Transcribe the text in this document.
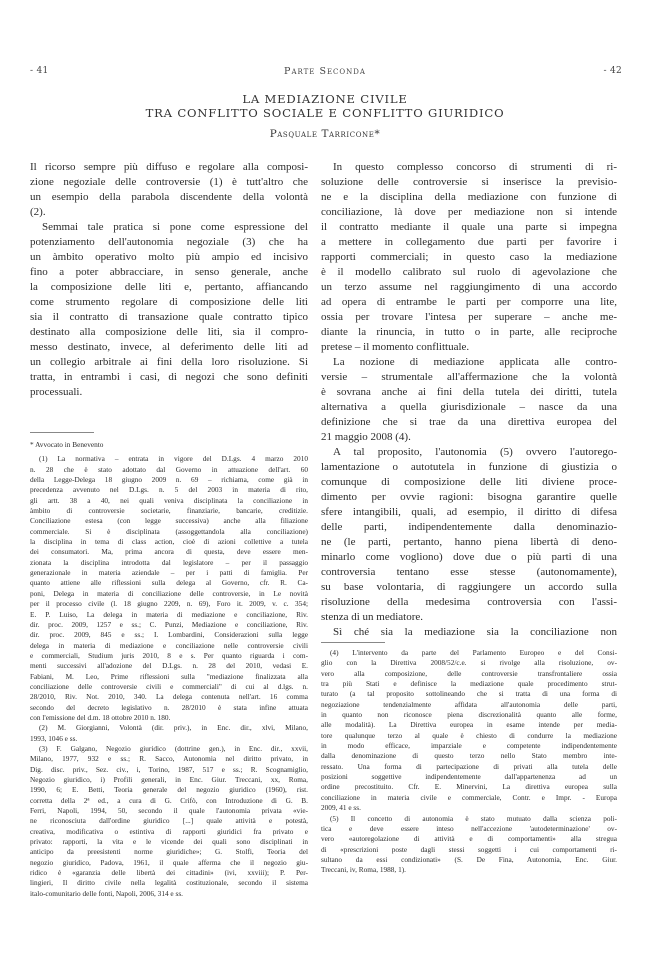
- 41	Parte Seconda	- 42
LA MEDIAZIONE CIVILE
TRA CONFLITTO SOCIALE E CONFLITTO GIURIDICO
Pasquale Tarricone*
Il ricorso sempre più diffuso e regolare alla composi-
zione negoziale delle controversie (1) è tutt'altro che
un esempio della parabola discendente della volontà
(2).
Semmai tale pratica si pone come espressione del
potenziamento dell'autonomia negoziale (3) che ha
un àmbito operativo molto più ampio ed incisivo
fino a poter abbracciare, in senso generale, anche
la composizione delle liti e, pertanto, affiancando
come strumento regolare di composizione delle liti
sia il contratto di transazione quale contratto tipico
destinato alla composizione delle liti, sia il compro-
messo destinato, invece, al deferimento delle liti ad
un collegio arbitrale ai fini della loro risoluzione. Si
tratta, in entrambi i casi, di negozi che sono definiti
processuali.
* Avvocato in Benevento
(1) La normativa – entrata in vigore del D.Lgs. 4 marzo 2010
n. 28 che è stato adottato dal Governo in attuazione dell'art. 60
della Legge-Delega 18 giugno 2009 n. 69 – richiama, come già in
precedenza avvenuto nel D.Lgs. n. 5 del 2003 in materia di rito,
gli artt. 38 a 40, nei quali veniva disciplinata la conciliazione in
àmbito di controversie societarie, finanziarie, bancarie, creditizie.
Conciliazione estesa (con legge successiva) anche alla filiazione
commerciale. Si è disciplinata (assoggettandola alla conciliazione)
la disciplina in tema di class action, cioè di azioni collettive a tutela
dei consumatori. Ma, prima ancora di questa, deve essere men-
zionata la disciplina introdotta dal legislatore – per il passaggio
generazionale in materia aziendale – per i patti di famiglia. Per
quanto attiene alle riflessioni sulla delega al Governo, cfr. R. Ca-
poni, Delega in materia di conciliazione delle controversie, in Le novità
per il processo civile (l. 18 giugno 2209, n. 69), Foro it. 2009, v. c. 354;
E. P. Luiso, La delega in materia di mediazione e conciliazione, Riv.
dir. proc. 2009, 1257 e ss.; C. Punzi, Mediazione e conciliazione, Riv.
dir. proc. 2009, 845 e ss.; I. Lombardini, Considerazioni sulla legge
delega in materia di mediazione e conciliazione nelle controversie civili
e commerciali, Studium juris 2010, 8 e s. Per quanto riguarda i com-
menti successivi all'adozione del D.Lgs. n. 28 del 2010, vedasi E.
Fabiani, M. Leo, Prime riflessioni sulla "mediazione finalizzata alla
conciliazione delle controversie civili e commerciali" di cui al d.lgs. n.
28/2010, Riv. Not. 2010, 340. La delega contenuta nell'art. 16 comma
secondo del decreto legislativo n. 28/2010 è stata infine attuata
con l'emissione del d.m. 18 ottobre 2010 n. 180.
(2) M. Giorgianni, Volontà (dir. priv.), in Enc. dir., xlvi, Milano,
1993, 1046 e ss.
(3) F. Galgano, Negozio giuridico (dottrine gen.), in Enc. dir., xxvii,
Milano, 1977, 932 e ss.; R. Sacco, Autonomia nel diritto privato, in
Dig. disc. priv., Sez. civ., i, Torino, 1987, 517 e ss.; R. Scognamiglio,
Negozio giuridico, i) Profili generali, in Enc. Giur. Treccani, xx, Roma,
1990, 6; E. Betti, Teoria generale del negozio giuridico (1960), rist.
corretta della 2ª ed., a cura di G. Crifò, con Introduzione di G. B.
Ferri, Napoli, 1994, 50, secondo il quale l'autonomia privata «vie-
ne riconosciuta dall'ordine giuridico [...] quale attività e potestà,
creativa, modificativa o estintiva di rapporti giuridici fra privato e
privato: rapporti, la vita e le vicende dei quali sono disciplinati in
anticipo da preesistenti norme giuridiche»; G. Stolfi, Teoria del
negozio giuridico, Padova, 1961, il quale afferma che il negozio giu-
ridico è «garanzia delle libertà dei cittadini» (ivi, xxviii); P. Per-
lingieri, Il diritto civile nella legalità costituzionale, secondo il sistema
italo-comunitario delle fonti, Napoli, 2006, 314 e ss.
In questo complesso concorso di strumenti di ri-
soluzione delle controversie si inserisce la previsio-
ne e la disciplina della mediazione con funzione di
conciliazione, là dove per mediazione non si intende
il contratto mediante il quale una parte si impegna
a mettere in collegamento due parti per favorire i
rapporti commerciali; in questo caso la mediazione
è il modello calibrato sul ruolo di agevolazione che
un terzo assume nel raggiungimento di una accordo
ad opera di entrambe le parti per comporre una lite,
ossia per trovare l'intesa per superare – anche me-
diante la rinuncia, in tutto o in parte, alle reciproche
pretese – il momento conflittuale.
La nozione di mediazione applicata alle contro-
versie – strumentale all'affermazione che la volontà
è sovrana anche ai fini della tutela dei diritti, tutela
alternativa a quella giurisdizionale – nasce da una
definizione che si trae da una direttiva europea del
21 maggio 2008 (4).
A tal proposito, l'autonomia (5) ovvero l'autorego-
lamentazione o autotutela in funzione di giustizia o
comunque di composizione delle liti diviene proce-
dimento per ovvie ragioni: bisogna garantire quelle
sfere intangibili, quali, ad esempio, il diritto di difesa
delle parti, indipendentemente dalla denominazio-
ne (le parti, pertanto, hanno piena libertà di deno-
minarlo come vogliono) dove due o più parti di una
controversia tentano esse stesse (autonomamente),
su base volontaria, di raggiungere un accordo sulla
risoluzione della medesima controversia con l'assi-
stenza di un mediatore.
Sì ché sia la mediazione sia la conciliazione non
(4) L'intervento da parte del Parlamento Europeo e del Consi-
glio con la Direttiva 2008/52/c.e. si rivolge alla risoluzione, ov-
vero alla composizione, delle controversie transfrontaliere ossia
tra più Stati e definisce la mediazione quale procedimento strut-
turato (a tal proposito sottolineando che si tratta di una forma di
negoziazione tendenzialmente affidata all'autonomia delle parti,
in quanto non riconosce piena discrezionalità quanto alle forme,
alle modalità). La Direttiva europea in esame intende per media-
tore qualunque terzo al quale è chiesto di condurre la mediazione
in modo efficace, imparziale e competente indipendentemente
dalla denominazione di questo terzo nello Stato membro inte-
ressato. Una forma di partecipazione di privati alla tutela delle
posizioni soggettive indipendentemente dall'appartenenza ad un
ordine precostituito. Cfr. E. Minervini, La direttiva europea sulla
conciliazione in materia civile e commerciale, Contr. e Impr. - Europa
2009, 41 e ss.
(5) Il concetto di autonomia è stato mutuato dalla scienza poli-
tica e deve essere inteso nell'accezione 'autodeterminazione' ov-
vero «autoregolazione di attività e di comportamenti» alla stregua
di «prescrizioni poste dagli stessi soggetti i cui comportamenti ri-
sultano da essi condizionati» (S. De Fina, Autonomia, Enc. Giur.
Treccani, iv, Roma, 1988, 1).
